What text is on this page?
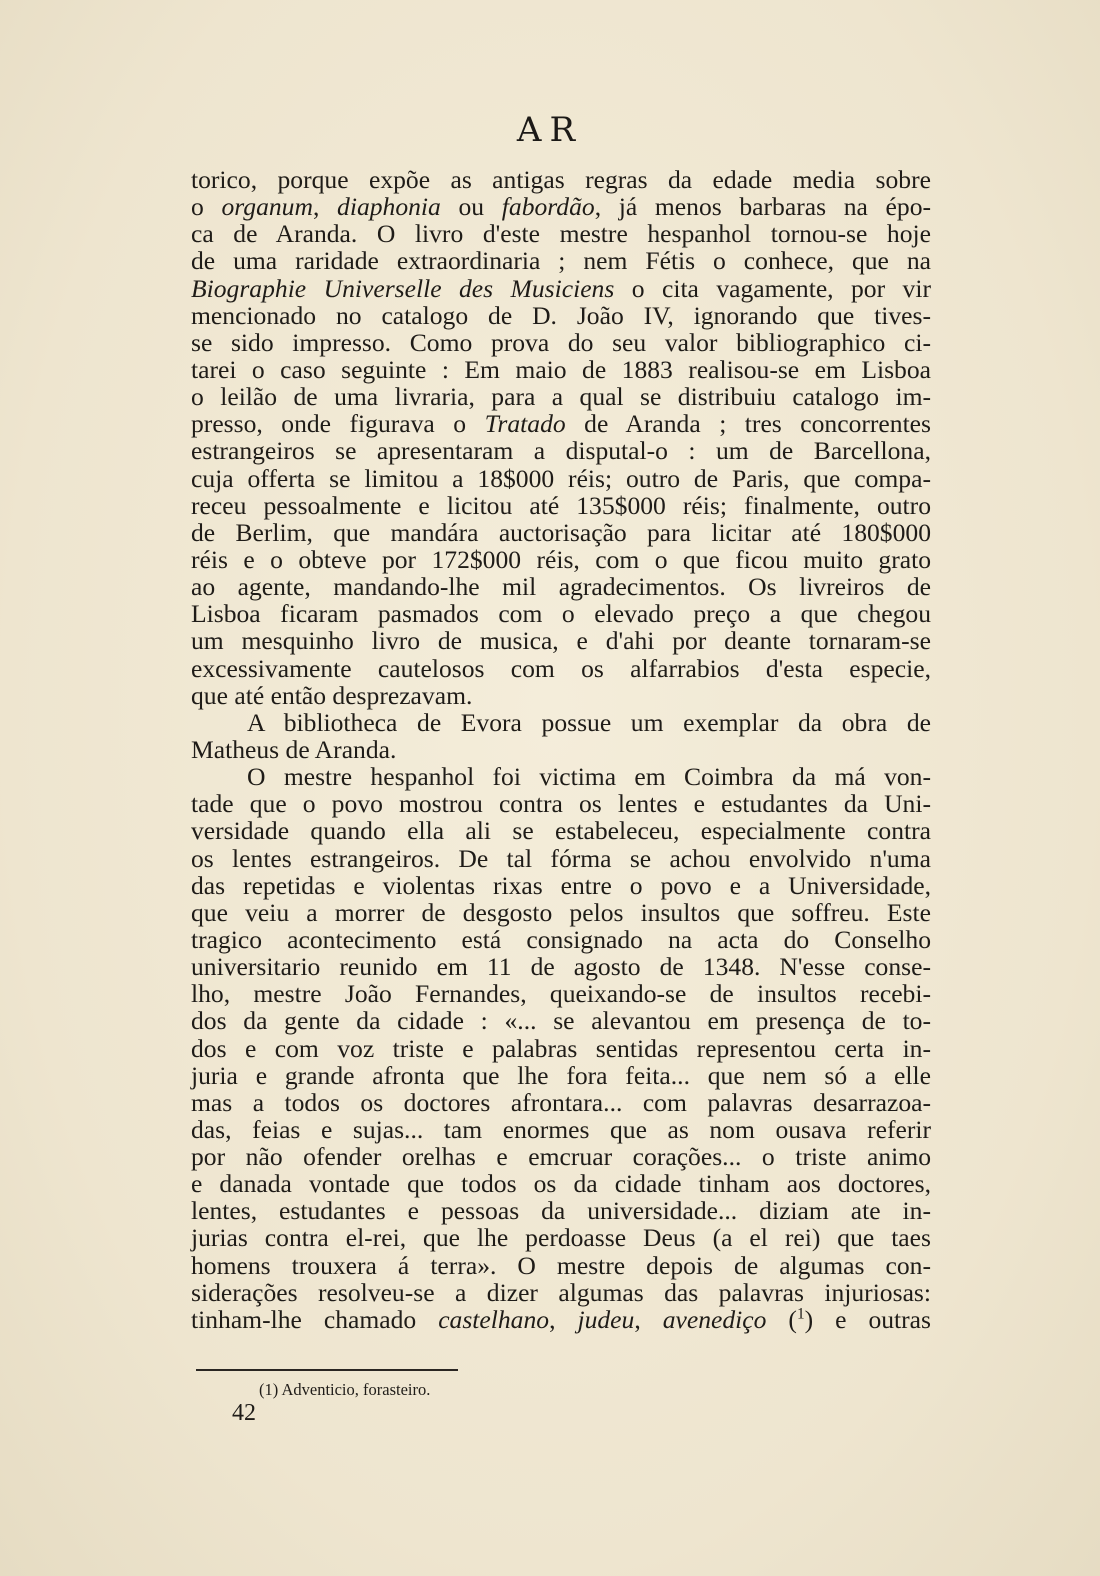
AR
torico, porque expõe as antigas regras da edade media sobre
o organum, diaphonia ou fabordão, já menos barbaras na épo-
ca de Aranda. O livro d'este mestre hespanhol tornou-se hoje
de uma raridade extraordinaria ; nem Fétis o conhece, que na
Biographie Universelle des Musiciens o cita vagamente, por vir
mencionado no catalogo de D. João IV, ignorando que tives-
se sido impresso. Como prova do seu valor bibliographico ci-
tarei o caso seguinte : Em maio de 1883 realisou-se em Lisboa
o leilão de uma livraria, para a qual se distribuiu catalogo im-
presso, onde figurava o Tratado de Aranda ; tres concorrentes
estrangeiros se apresentaram a disputal-o : um de Barcellona,
cuja offerta se limitou a 18$000 réis; outro de Paris, que compa-
receu pessoalmente e licitou até 135$000 réis; finalmente, outro
de Berlim, que mandára auctorisação para licitar até 180$000
réis e o obteve por 172$000 réis, com o que ficou muito grato
ao agente, mandando-lhe mil agradecimentos. Os livreiros de
Lisboa ficaram pasmados com o elevado preço a que chegou
um mesquinho livro de musica, e d'ahi por deante tornaram-se
excessivamente cautelosos com os alfarrabios d'esta especie,
que até então desprezavam.
A bibliotheca de Evora possue um exemplar da obra de
Matheus de Aranda.
O mestre hespanhol foi victima em Coimbra da má von-
tade que o povo mostrou contra os lentes e estudantes da Uni-
versidade quando ella ali se estabeleceu, especialmente contra
os lentes estrangeiros. De tal fórma se achou envolvido n'uma
das repetidas e violentas rixas entre o povo e a Universidade,
que veiu a morrer de desgosto pelos insultos que soffreu. Este
tragico acontecimento está consignado na acta do Conselho
universitario reunido em 11 de agosto de 1348. N'esse conse-
lho, mestre João Fernandes, queixando-se de insultos recebi-
dos da gente da cidade : «... se alevantou em presença de to-
dos e com voz triste e palabras sentidas representou certa in-
juria e grande afronta que lhe fora feita... que nem só a elle
mas a todos os doctores afrontara... com palavras desarrazoa-
das, feias e sujas... tam enormes que as nom ousava referir
por não ofender orelhas e emcruar corações... o triste animo
e danada vontade que todos os da cidade tinham aos doctores,
lentes, estudantes e pessoas da universidade... diziam ate in-
jurias contra el-rei, que lhe perdoasse Deus (a el rei) que taes
homens trouxera á terra». O mestre depois de algumas con-
siderações resolveu-se a dizer algumas das palavras injuriosas:
tinham-lhe chamado castelhano, judeu, avenediço ($^1$) e outras
(1) Adventicio, forasteiro.
42
